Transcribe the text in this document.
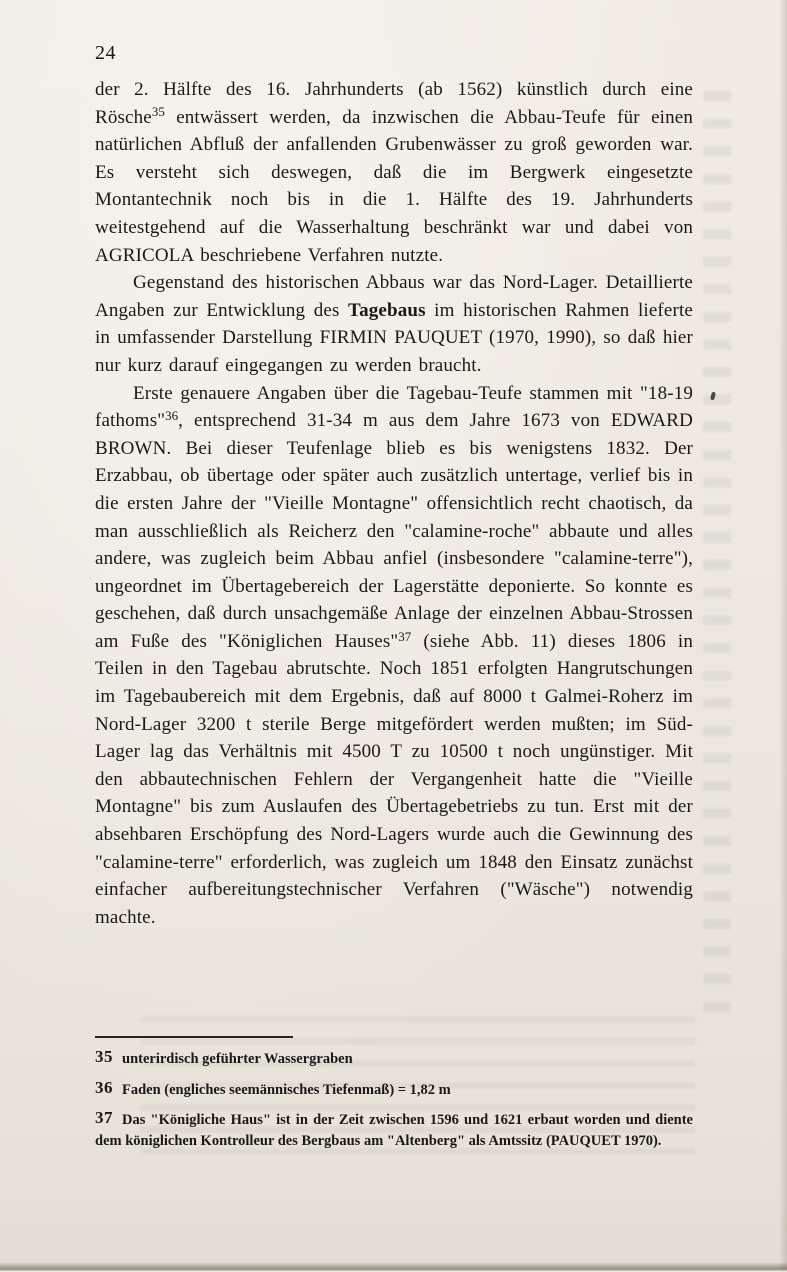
24

der 2. Hälfte des 16. Jahrhunderts (ab 1562) künstlich durch eine Rösche$^{35}$ entwässert werden, da inzwischen die Abbau-Teufe für einen natürlichen Abfluß der anfallenden Grubenwässer zu groß geworden war. Es versteht sich deswegen, daß die im Bergwerk eingesetzte Montantechnik noch bis in die 1. Hälfte des 19. Jahrhunderts weitestgehend auf die Wasserhaltung beschränkt war und dabei von AGRICOLA beschriebene Verfahren nutzte.

Gegenstand des historischen Abbaus war das Nord-Lager. Detaillierte Angaben zur Entwicklung des Tagebaus im historischen Rahmen lieferte in umfassender Darstellung FIRMIN PAUQUET (1970, 1990), so daß hier nur kurz darauf eingegangen zu werden braucht.

Erste genauere Angaben über die Tagebau-Teufe stammen mit "18-19 fathoms"$^{36}$, entsprechend 31-34 m aus dem Jahre 1673 von EDWARD BROWN. Bei dieser Teufenlage blieb es bis wenigstens 1832. Der Erzabbau, ob übertage oder später auch zusätzlich untertage, verlief bis in die ersten Jahre der "Vieille Montagne" offensichtlich recht chaotisch, da man ausschließlich als Reicherz den "calamine-roche" abbaute und alles andere, was zugleich beim Abbau anfiel (insbesondere "calamine-terre"), ungeordnet im Übertagebereich der Lagerstätte deponierte. So konnte es geschehen, daß durch unsachgemäße Anlage der einzelnen Abbau-Strossen am Fuße des "Königlichen Hauses"$^{37}$ (siehe Abb. 11) dieses 1806 in Teilen in den Tagebau abrutschte. Noch 1851 erfolgten Hangrutschungen im Tagebaubereich mit dem Ergebnis, daß auf 8000 t Galmei-Roherz im Nord-Lager 3200 t sterile Berge mitgefördert werden mußten; im Süd-Lager lag das Verhältnis mit 4500 T zu 10500 t noch ungünstiger. Mit den abbautechnischen Fehlern der Vergangenheit hatte die "Vieille Montagne" bis zum Auslaufen des Übertagebetriebs zu tun. Erst mit der absehbaren Erschöpfung des Nord-Lagers wurde auch die Gewinnung des "calamine-terre" erforderlich, was zugleich um 1848 den Einsatz zunächst einfacher aufbereitungstechnischer Verfahren ("Wäsche") notwendig machte.

35 unterirdisch geführter Wassergraben
36 Faden (engliches seemännisches Tiefenmaß) = 1,82 m
37 Das "Königliche Haus" ist in der Zeit zwischen 1596 und 1621 erbaut worden und diente dem königlichen Kontrolleur des Bergbaus am "Altenberg" als Amtssitz (PAUQUET 1970).
